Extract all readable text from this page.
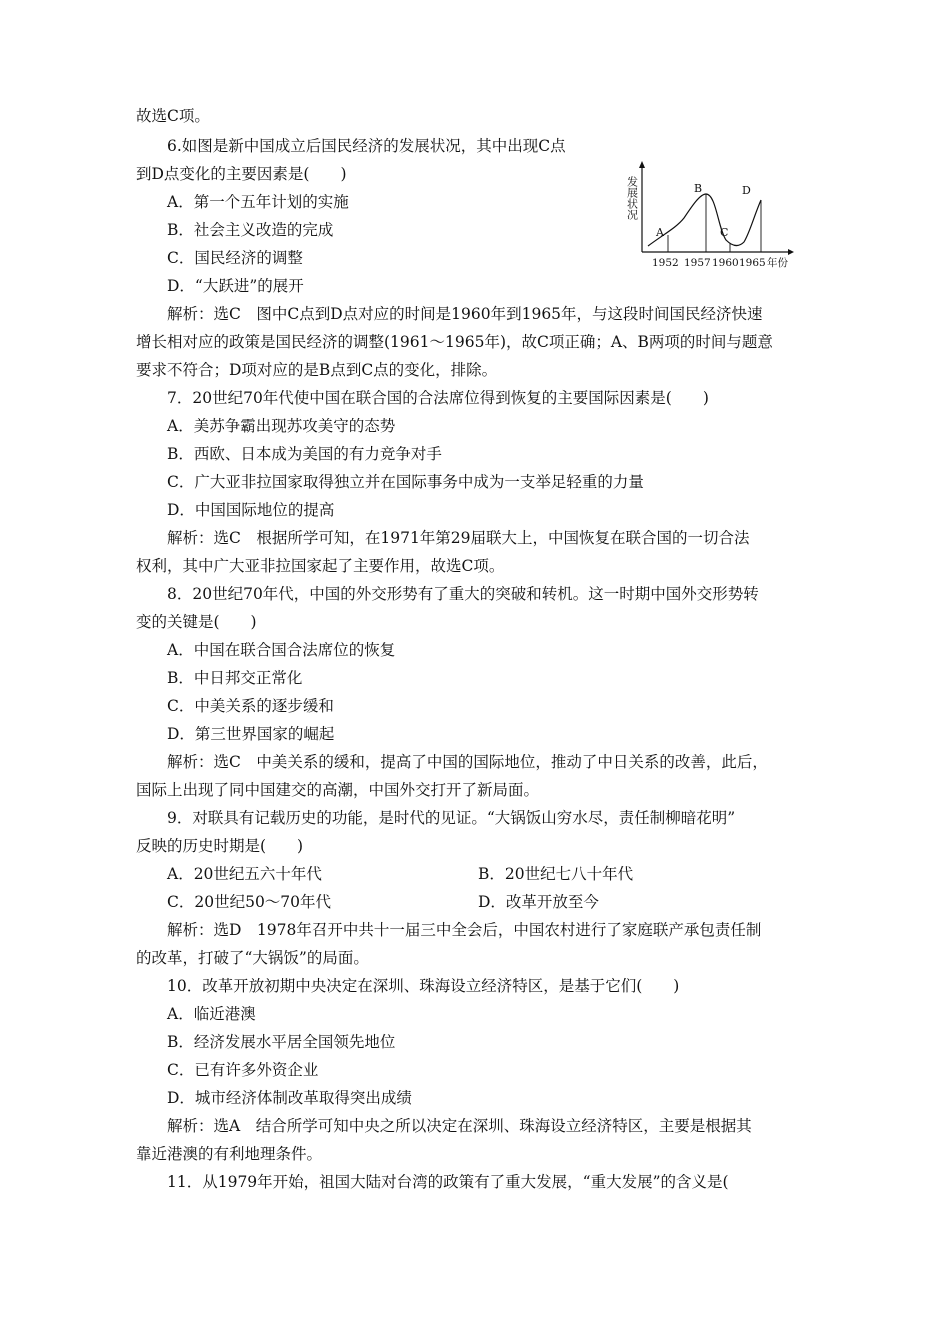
故选C项。
6.如图是新中国成立后国民经济的发展状况，其中出现C点
到D点变化的主要因素是(　　)
A．第一个五年计划的实施
B．社会主义改造的完成
C．国民经济的调整
D．“大跃进”的展开
解析：选C　图中C点到D点对应的时间是1960年到1965年，与这段时间国民经济快速
增长相对应的政策是国民经济的调整(1961～1965年)，故C项正确；A、B两项的时间与题意
要求不符合；D项对应的是B点到C点的变化，排除。
7．20世纪70年代使中国在联合国的合法席位得到恢复的主要国际因素是(　　)
A．美苏争霸出现苏攻美守的态势
B．西欧、日本成为美国的有力竞争对手
C．广大亚非拉国家取得独立并在国际事务中成为一支举足轻重的力量
D．中国国际地位的提高
解析：选C　根据所学可知，在1971年第29届联大上，中国恢复在联合国的一切合法
权利，其中广大亚非拉国家起了主要作用，故选C项。
8．20世纪70年代，中国的外交形势有了重大的突破和转机。这一时期中国外交形势转
变的关键是(　　)
A．中国在联合国合法席位的恢复
B．中日邦交正常化
C．中美关系的逐步缓和
D．第三世界国家的崛起
解析：选C　中美关系的缓和，提高了中国的国际地位，推动了中日关系的改善，此后，
国际上出现了同中国建交的高潮，中国外交打开了新局面。
9．对联具有记载历史的功能，是时代的见证。“大锅饭山穷水尽，责任制柳暗花明”
反映的历史时期是(　　)
A．20世纪五六十年代	B．20世纪七八十年代
C．20世纪50～70年代	D．改革开放至今
解析：选D　1978年召开中共十一届三中全会后，中国农村进行了家庭联产承包责任制
的改革，打破了“大锅饭”的局面。
10．改革开放初期中央决定在深圳、珠海设立经济特区，是基于它们(　　)
A．临近港澳
B．经济发展水平居全国领先地位
C．已有许多外资企业
D．城市经济体制改革取得突出成绩
解析：选A　结合所学可知中央之所以决定在深圳、珠海设立经济特区，主要是根据其
靠近港澳的有利地理条件。
11．从1979年开始，祖国大陆对台湾的政策有了重大发展，“重大发展”的含义是(
发展状况
A
B
C
D
1952 1957 1960 1965 年份
